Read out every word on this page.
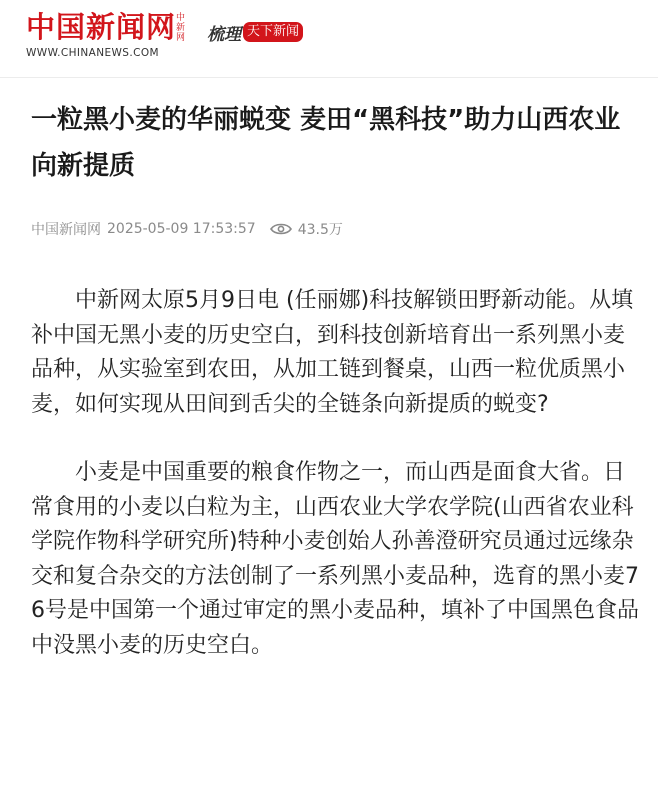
中国新闻网 中新网
WWW.CHINANEWS.COM
梳理 天下新闻
一粒黑小麦的华丽蜕变 麦田“黑科技”助力山西农业向新提质
中国新闻网 2025-05-09 17:53:57	43.5万

中新网太原5月9日电 (任丽娜)科技解锁田野新动能。从填补中国无黑小麦的历史空白，到科技创新培育出一系列黑小麦品种，从实验室到农田，从加工链到餐桌，山西一粒优质黑小麦，如何实现从田间到舌尖的全链条向新提质的蜕变?

小麦是中国重要的粮食作物之一，而山西是面食大省。日常食用的小麦以白粒为主，山西农业大学农学院(山西省农业科学院作物科学研究所)特种小麦创始人孙善澄研究员通过远缘杂交和复合杂交的方法创制了一系列黑小麦品种，选育的黑小麦76号是中国第一个通过审定的黑小麦品种，填补了中国黑色食品中没黑小麦的历史空白。
